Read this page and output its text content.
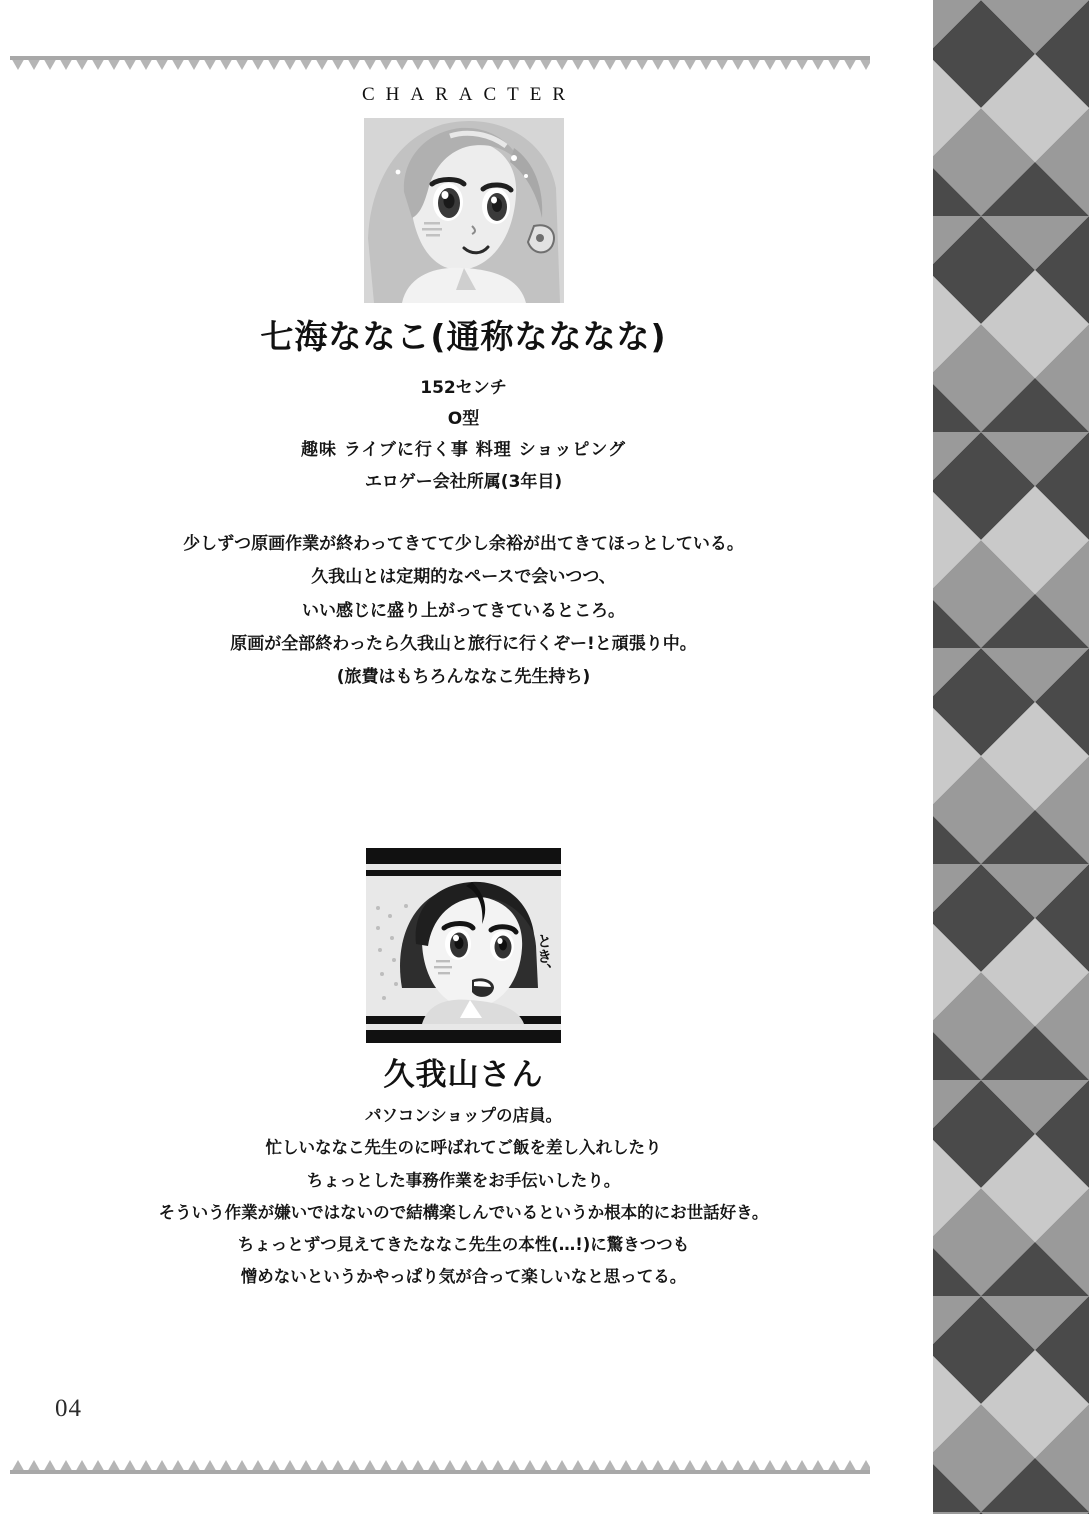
CHARACTER
七海ななこ(通称なななな)
152センチ
O型
趣味 ライブに行く事 料理 ショッピング
エロゲー会社所属(3年目)
少しずつ原画作業が終わってきてて少し余裕が出てきてほっとしている。
久我山とは定期的なペースで会いつつ、
いい感じに盛り上がってきているところ。
原画が全部終わったら久我山と旅行に行くぞー!と頑張り中。
(旅費はもちろんななこ先生持ち)
とき、
久我山さん
パソコンショップの店員。
忙しいななこ先生のに呼ばれてご飯を差し入れしたり
ちょっとした事務作業をお手伝いしたり。
そういう作業が嫌いではないので結構楽しんでいるというか根本的にお世話好き。
ちょっとずつ見えてきたななこ先生の本性(…!)に驚きつつも
憎めないというかやっぱり気が合って楽しいなと思ってる。
04
